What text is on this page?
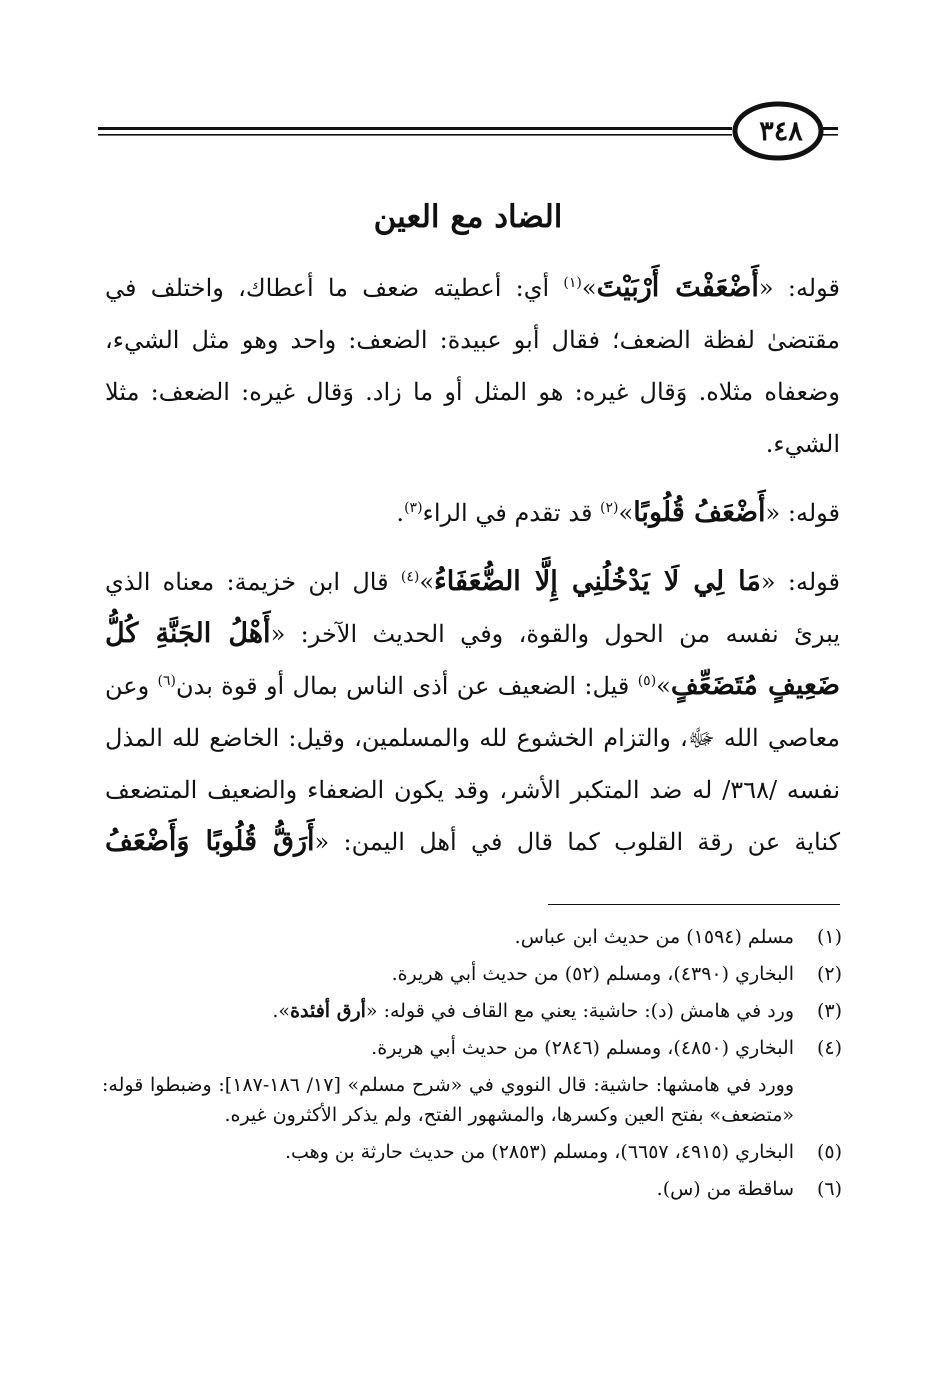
٣٤٨
الضاد مع العين

قوله: «أَضْعَفْتَ أَرْبَيْتَ»$^{(١)}$ أي: أعطيته ضعف ما أعطاك، واختلف في مقتضىٰ لفظة الضعف؛ فقال أبو عبيدة: الضعف: واحد وهو مثل الشيء، وضعفاه مثلاه. وَقال غيره: هو المثل أو ما زاد. وَقال غيره: الضعف: مثلا الشيء.

قوله: «أَضْعَفُ قُلُوبًا»$^{(٢)}$ قد تقدم في الراء$^{(٣)}$.

قوله: «مَا لِي لَا يَدْخُلُنِي إِلَّا الضُّعَفَاءُ»$^{(٤)}$ قال ابن خزيمة: معناه الذي يبرئ نفسه من الحول والقوة، وفي الحديث الآخر: «أَهْلُ الجَنَّةِ كُلُّ ضَعِيفٍ مُتَضَعِّفٍ»$^{(٥)}$ قيل: الضعيف عن أذى الناس بمال أو قوة بدن$^{(٦)}$ وعن معاصي الله ﷻ، والتزام الخشوع لله والمسلمين، وقيل: الخاضع لله المذل نفسه /٣٦٨/ له ضد المتكبر الأشر، وقد يكون الضعفاء والضعيف المتضعف كناية عن رقة القلوب كما قال في أهل اليمن: «أَرَقُّ قُلُوبًا وَأَضْعَفُ

(١)
مسلم (١٥٩٤) من حديث ابن عباس.
(٢)
البخاري (٤٣٩٠)، ومسلم (٥٢) من حديث أبي هريرة.
(٣)
ورد في هامش (د): حاشية: يعني مع القاف في قوله: «أرق أفئدة».
(٤)
البخاري (٤٨٥٠)، ومسلم (٢٨٤٦) من حديث أبي هريرة.
وورد في هامشها: حاشية: قال النووي في «شرح مسلم» [١٧/ ١٨٦-١٨٧]: وضبطوا قوله: «متضعف» بفتح العين وكسرها، والمشهور الفتح، ولم يذكر الأكثرون غيره.
(٥)
البخاري (٤٩١٥، ٦٦٥٧)، ومسلم (٢٨٥٣) من حديث حارثة بن وهب.
(٦)
ساقطة من (س).
